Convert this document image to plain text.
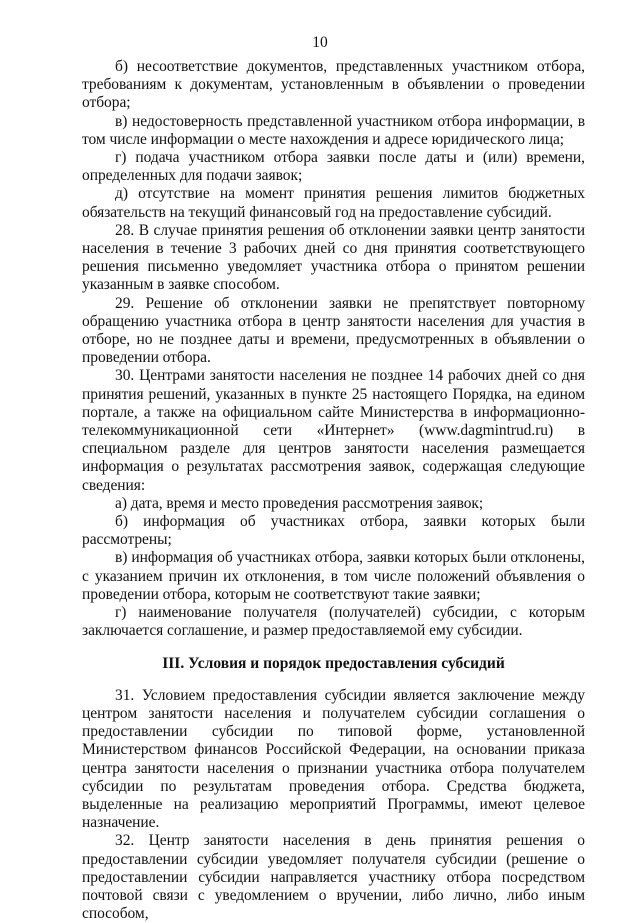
10

б) несоответствие документов, представленных участником отбора, требованиям к документам, установленным в объявлении о проведении отбора;

в) недостоверность представленной участником отбора информации, в том числе информации о месте нахождения и адресе юридического лица;

г) подача участником отбора заявки после даты и (или) времени, определенных для подачи заявок;

д) отсутствие на момент принятия решения лимитов бюджетных обязательств на текущий финансовый год на предоставление субсидий.

28. В случае принятия решения об отклонении заявки центр занятости населения в течение 3 рабочих дней со дня принятия соответствующего решения письменно уведомляет участника отбора о принятом решении указанным в заявке способом.

29. Решение об отклонении заявки не препятствует повторному обращению участника отбора в центр занятости населения для участия в отборе, но не позднее даты и времени, предусмотренных в объявлении о проведении отбора.

30. Центрами занятости населения не позднее 14 рабочих дней со дня принятия решений, указанных в пункте 25 настоящего Порядка, на едином портале, а также на официальном сайте Министерства в информационно-телекоммуникационной сети «Интернет» (www.dagmintrud.ru) в специальном разделе для центров занятости населения размещается информация о результатах рассмотрения заявок, содержащая следующие сведения:

а) дата, время и место проведения рассмотрения заявок;

б) информация об участниках отбора, заявки которых были рассмотрены;

в) информация об участниках отбора, заявки которых были отклонены, с указанием причин их отклонения, в том числе положений объявления о проведении отбора, которым не соответствуют такие заявки;

г) наименование получателя (получателей) субсидии, с которым заключается соглашение, и размер предоставляемой ему субсидии.

III. Условия и порядок предоставления субсидий

31. Условием предоставления субсидии является заключение между центром занятости населения и получателем субсидии соглашения о предоставлении субсидии по типовой форме, установленной Министерством финансов Российской Федерации, на основании приказа центра занятости населения о признании участника отбора получателем субсидии по результатам проведения отбора. Средства бюджета, выделенные на реализацию мероприятий Программы, имеют целевое назначение.

32. Центр занятости населения в день принятия решения о предоставлении субсидии уведомляет получателя субсидии (решение о предоставлении субсидии направляется участнику отбора посредством почтовой связи с уведомлением о вручении, либо лично, либо иным способом,
